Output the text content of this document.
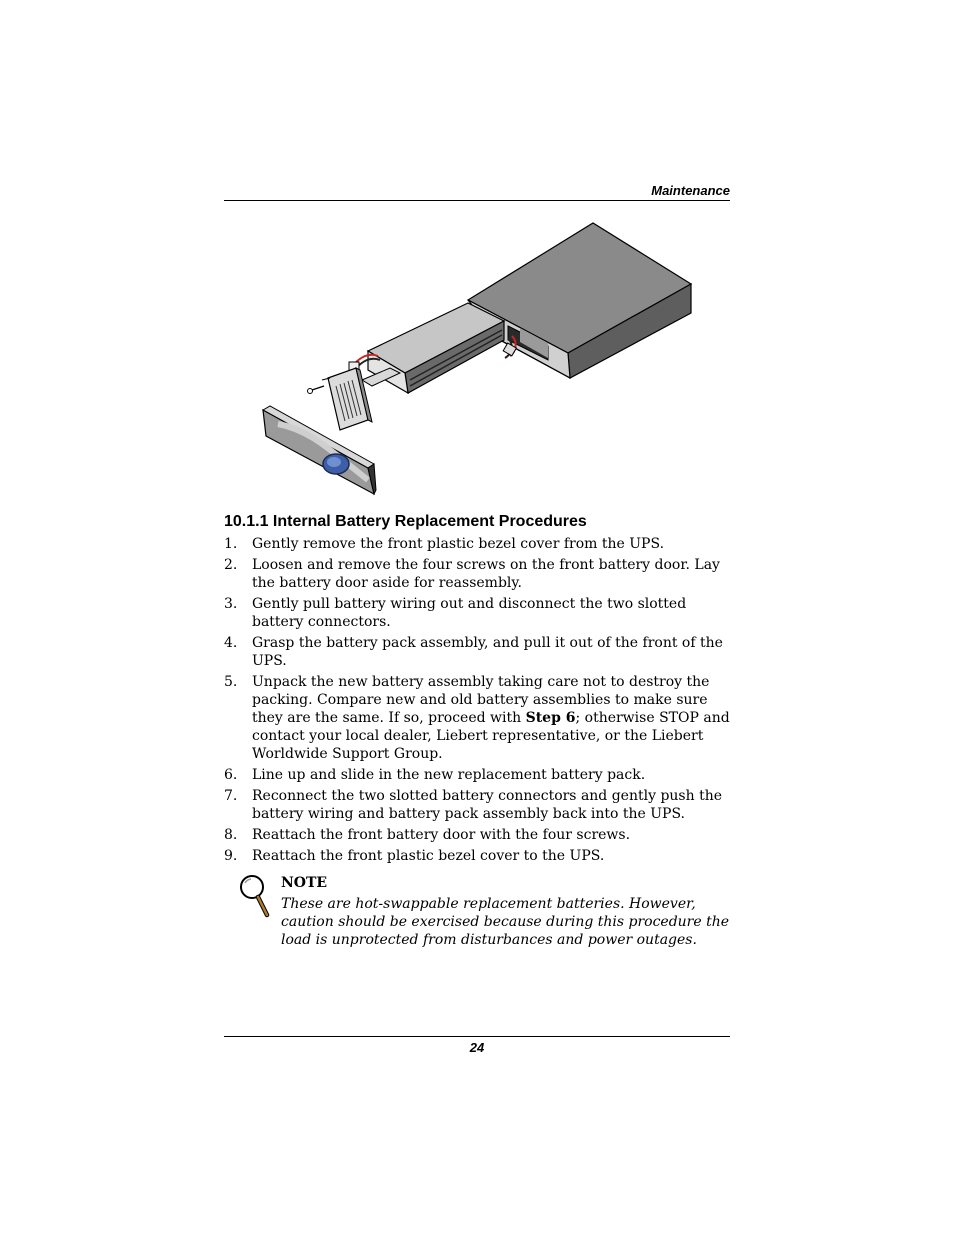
Maintenance
10.1.1 Internal Battery Replacement Procedures
1.	Gently remove the front plastic bezel cover from the UPS.
2.	Loosen and remove the four screws on the front battery door. Lay the battery door aside for reassembly.
3.	Gently pull battery wiring out and disconnect the two slotted battery connectors.
4.	Grasp the battery pack assembly, and pull it out of the front of the UPS.
5.	Unpack the new battery assembly taking care not to destroy the packing. Compare new and old battery assemblies to make sure they are the same. If so, proceed with Step 6; otherwise STOP and contact your local dealer, Liebert representative, or the Liebert Worldwide Support Group.
6.	Line up and slide in the new replacement battery pack.
7.	Reconnect the two slotted battery connectors and gently push the battery wiring and battery pack assembly back into the UPS.
8.	Reattach the front battery door with the four screws.
9.	Reattach the front plastic bezel cover to the UPS.
NOTE
These are hot-swappable replacement batteries. However, caution should be exercised because during this procedure the load is unprotected from disturbances and power outages.
24
